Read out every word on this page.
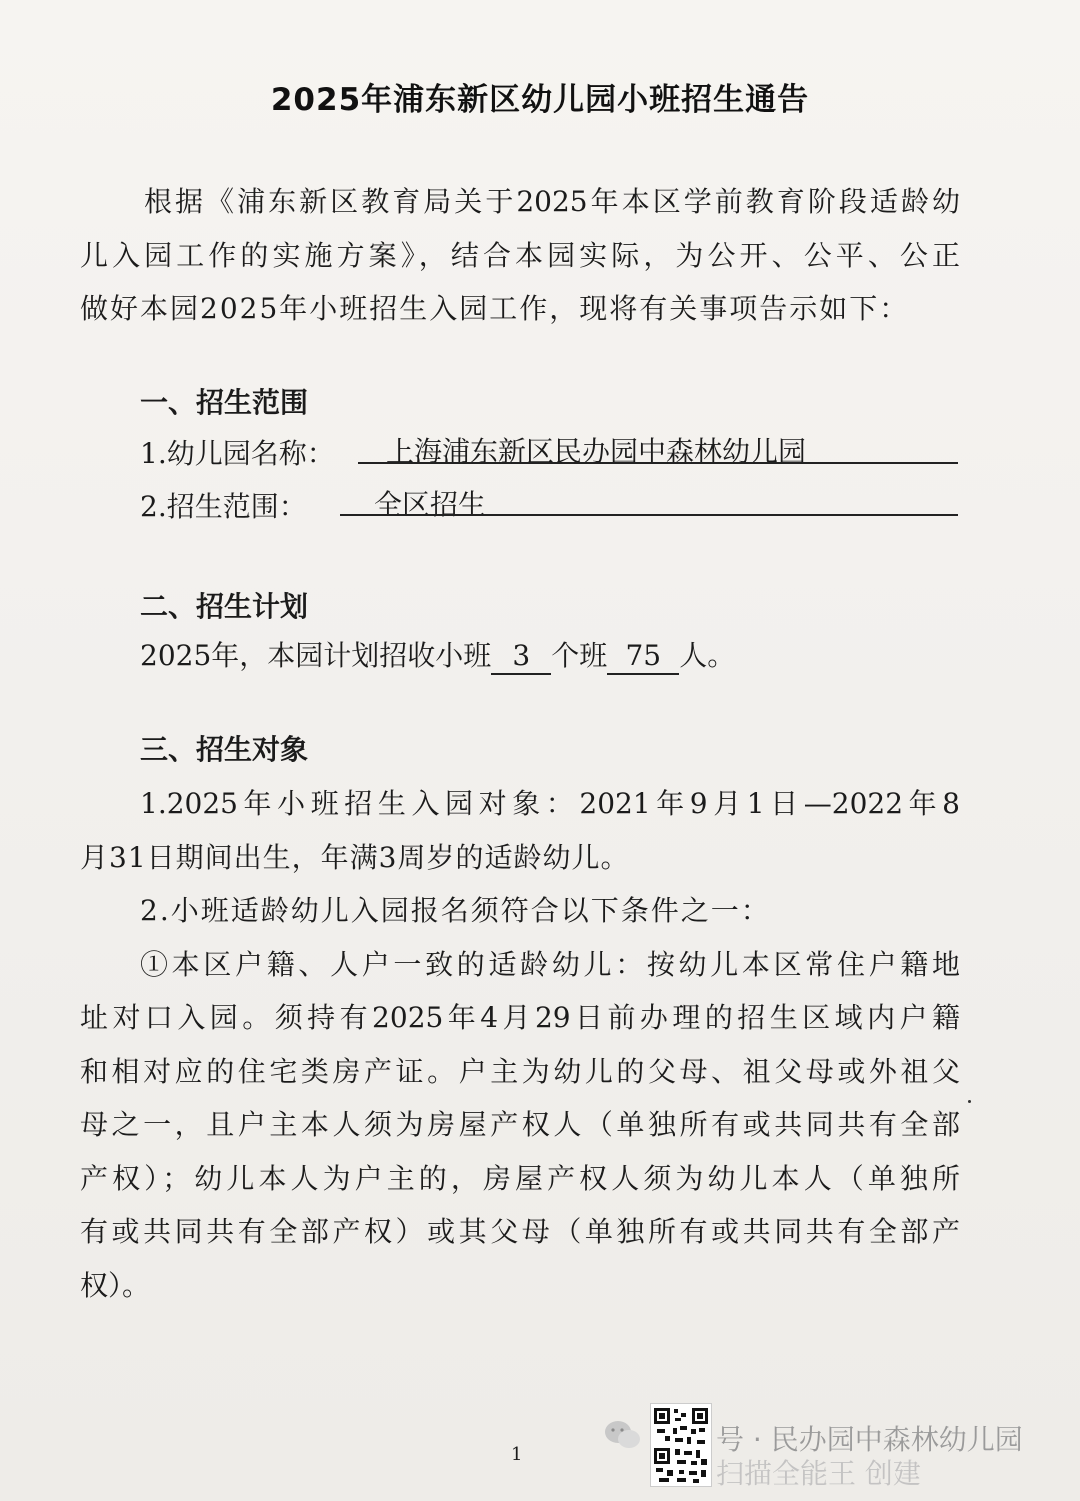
2025年浦东新区幼儿园小班招生通告
根据《浦东新区教育局关于2025年本区学前教育阶段适龄幼
儿入园工作的实施方案》，结合本园实际，为公开、公平、公正
做好本园2025年小班招生入园工作，现将有关事项告示如下：
一、招生范围
1.幼儿园名称： 上海浦东新区民办园中森林幼儿园
2.招生范围： 全区招生
二、招生计划
2025年，本园计划招收小班 3 个班 75 人。
三、招生对象
1.2025年小班招生入园对象：2021年9月1日—2022年8
月31日期间出生，年满3周岁的适龄幼儿。
2.小班适龄幼儿入园报名须符合以下条件之一：
①本区户籍、人户一致的适龄幼儿：按幼儿本区常住户籍地
址对口入园。须持有2025年4月29日前办理的招生区域内户籍
和相对应的住宅类房产证。户主为幼儿的父母、祖父母或外祖父
母之一，且户主本人须为房屋产权人（单独所有或共同共有全部
产权）；幼儿本人为户主的，房屋产权人须为幼儿本人（单独所
有或共同共有全部产权）或其父母（单独所有或共同共有全部产
权）。
1	号 · 民办园中森林幼儿园
扫描全能王 创建
